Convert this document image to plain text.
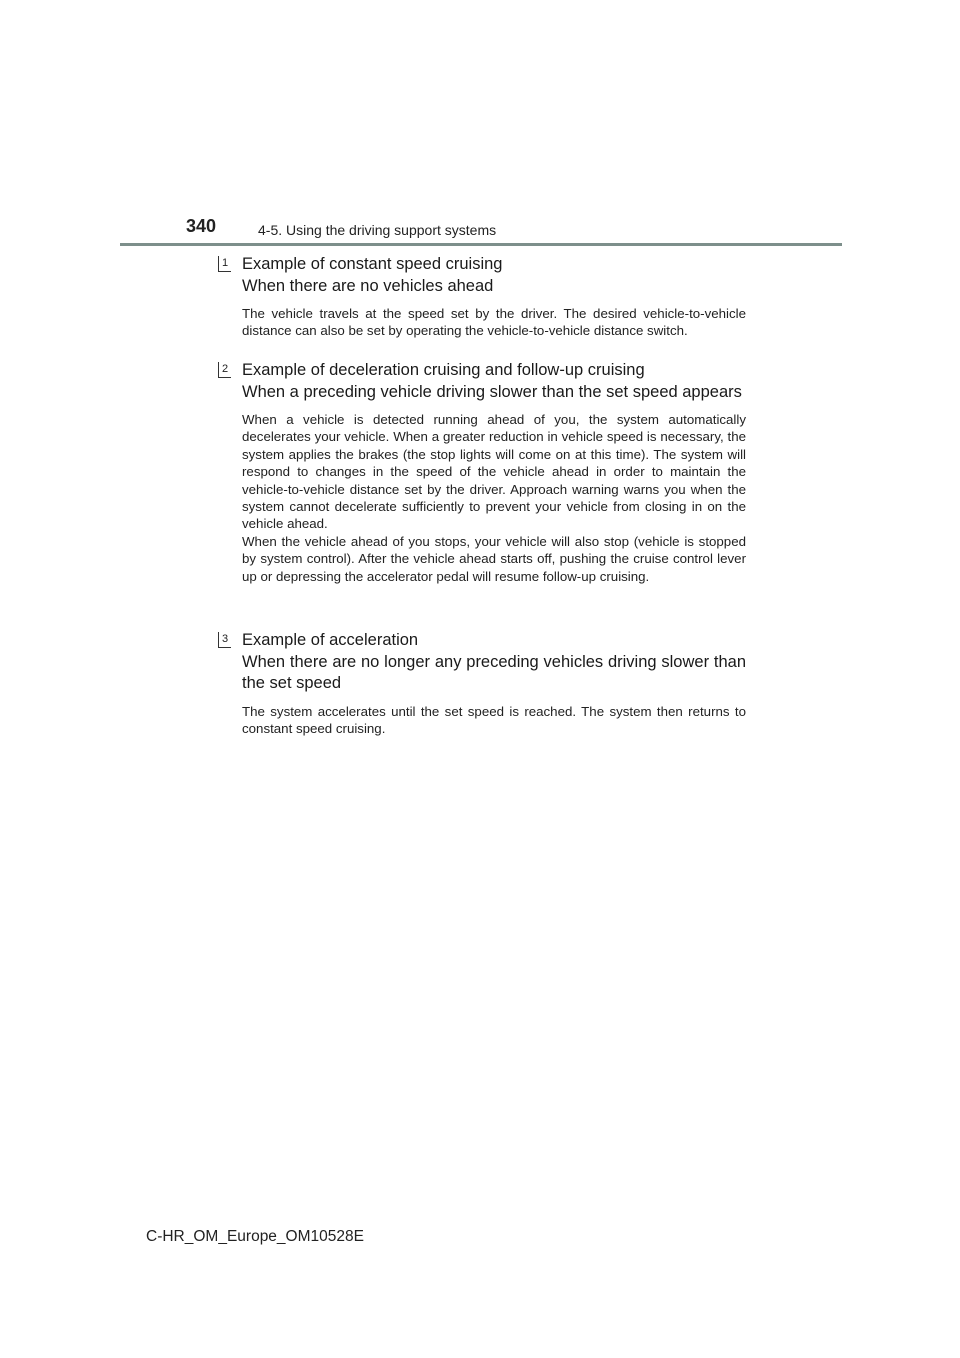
340	4-5. Using the driving support systems
1 Example of constant speed cruising
When there are no vehicles ahead
The vehicle travels at the speed set by the driver. The desired vehicle-to-vehicle distance can also be set by operating the vehicle-to-vehicle distance switch.
2 Example of deceleration cruising and follow-up cruising
When a preceding vehicle driving slower than the set speed appears
When a vehicle is detected running ahead of you, the system automatically decelerates your vehicle. When a greater reduction in vehicle speed is necessary, the system applies the brakes (the stop lights will come on at this time). The system will respond to changes in the speed of the vehicle ahead in order to maintain the vehicle-to-vehicle distance set by the driver. Approach warning warns you when the system cannot decelerate sufficiently to prevent your vehicle from closing in on the vehicle ahead.
When the vehicle ahead of you stops, your vehicle will also stop (vehicle is stopped by system control). After the vehicle ahead starts off, pushing the cruise control lever up or depressing the accelerator pedal will resume follow-up cruising.
3 Example of acceleration
When there are no longer any preceding vehicles driving slower than the set speed
The system accelerates until the set speed is reached. The system then returns to constant speed cruising.
C-HR_OM_Europe_OM10528E
